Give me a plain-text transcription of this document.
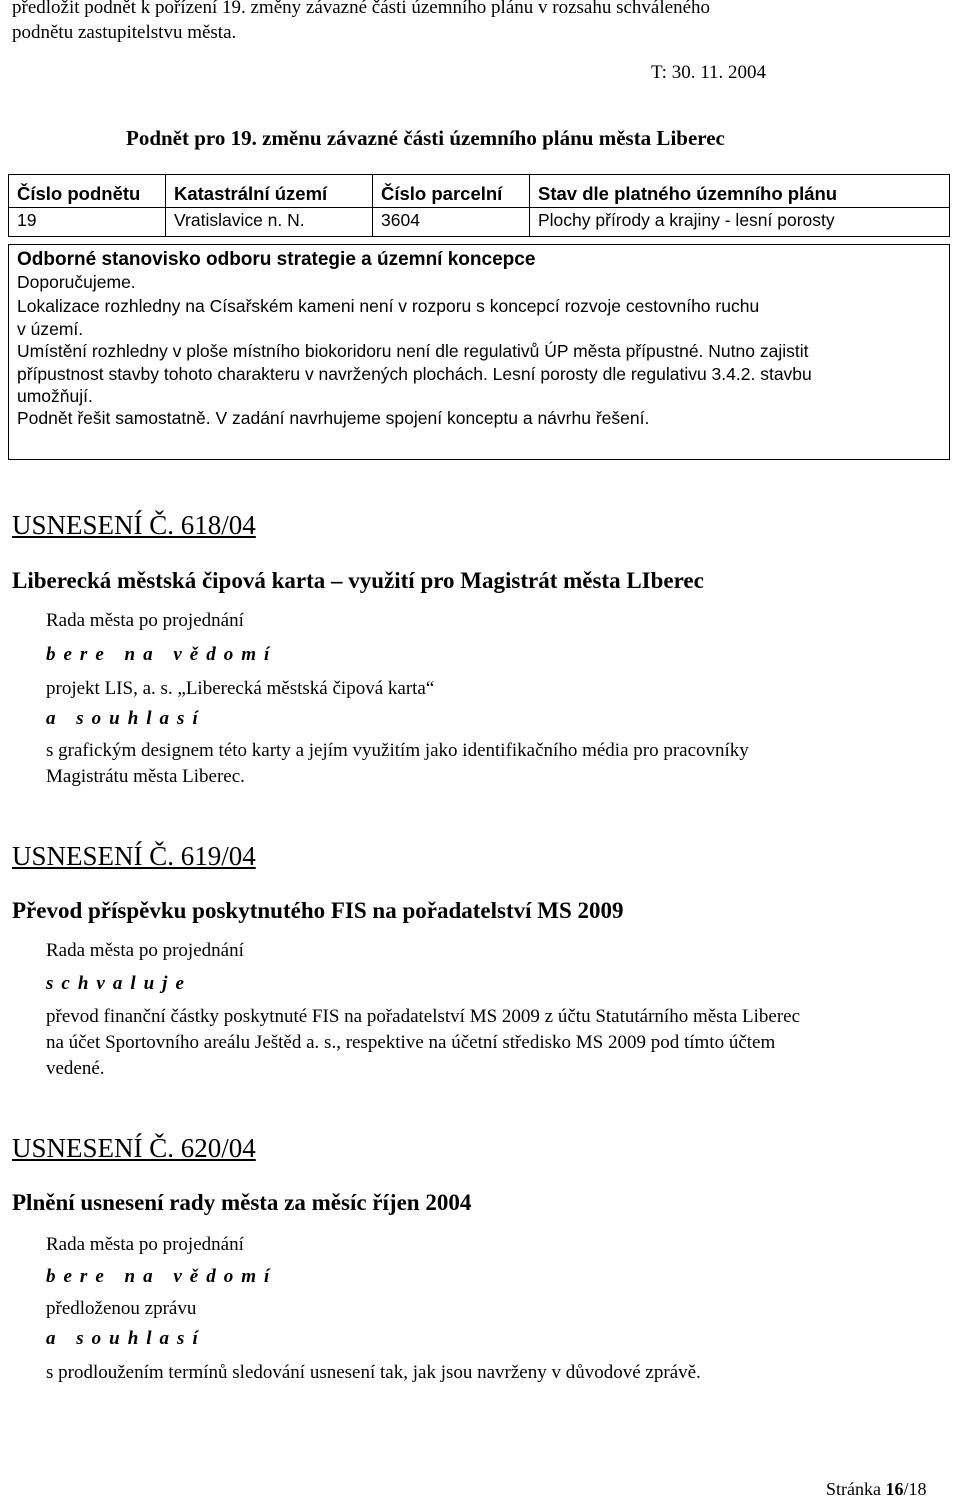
předložit podnět k pořízení 19. změny závazné části územního plánu v rozsahu schváleného
podnětu zastupitelstvu města.
T: 30. 11. 2004
Podnět pro 19. změnu závazné části územního plánu města Liberec
Číslo podnětu	Katastrální území	Číslo parcelní	Stav dle platného územního plánu
19	Vratislavice n. N.	3604	Plochy přírody a krajiny - lesní porosty
Odborné stanovisko odboru strategie a územní koncepce

Doporučujeme.

Lokalizace rozhledny na Císařském kameni není v rozporu s koncepcí rozvoje cestovního ruchu

v území.

Umístění rozhledny v ploše místního biokoridoru není dle regulativů ÚP města přípustné. Nutno zajistit

přípustnost stavby tohoto charakteru v navržených plochách. Lesní porosty dle regulativu 3.4.2. stavbu

umožňují.

Podnět řešit samostatně. V zadání navrhujeme spojení konceptu a návrhu řešení.

USNESENÍ Č. 618/04
Liberecká městská čipová karta – využití pro Magistrát města LIberec
Rada města po projednání
bere na vědomí
projekt LIS, a. s. „Liberecká městská čipová karta“
a souhlasí
s grafickým designem této karty a jejím využitím jako identifikačního média pro pracovníky
Magistrátu města Liberec.
USNESENÍ Č. 619/04
Převod příspěvku poskytnutého FIS na pořadatelství MS 2009
Rada města po projednání
schvaluje
převod finanční částky poskytnuté FIS na pořadatelství MS 2009 z účtu Statutárního města Liberec
na účet Sportovního areálu Ještěd a. s., respektive na účetní středisko MS 2009 pod tímto účtem
vedené.
USNESENÍ Č. 620/04
Plnění usnesení rady města za měsíc říjen 2004
Rada města po projednání
bere na vědomí
předloženou zprávu
a souhlasí
s prodloužením termínů sledování usnesení tak, jak jsou navrženy v důvodové zprávě.
Stránka 16/18
